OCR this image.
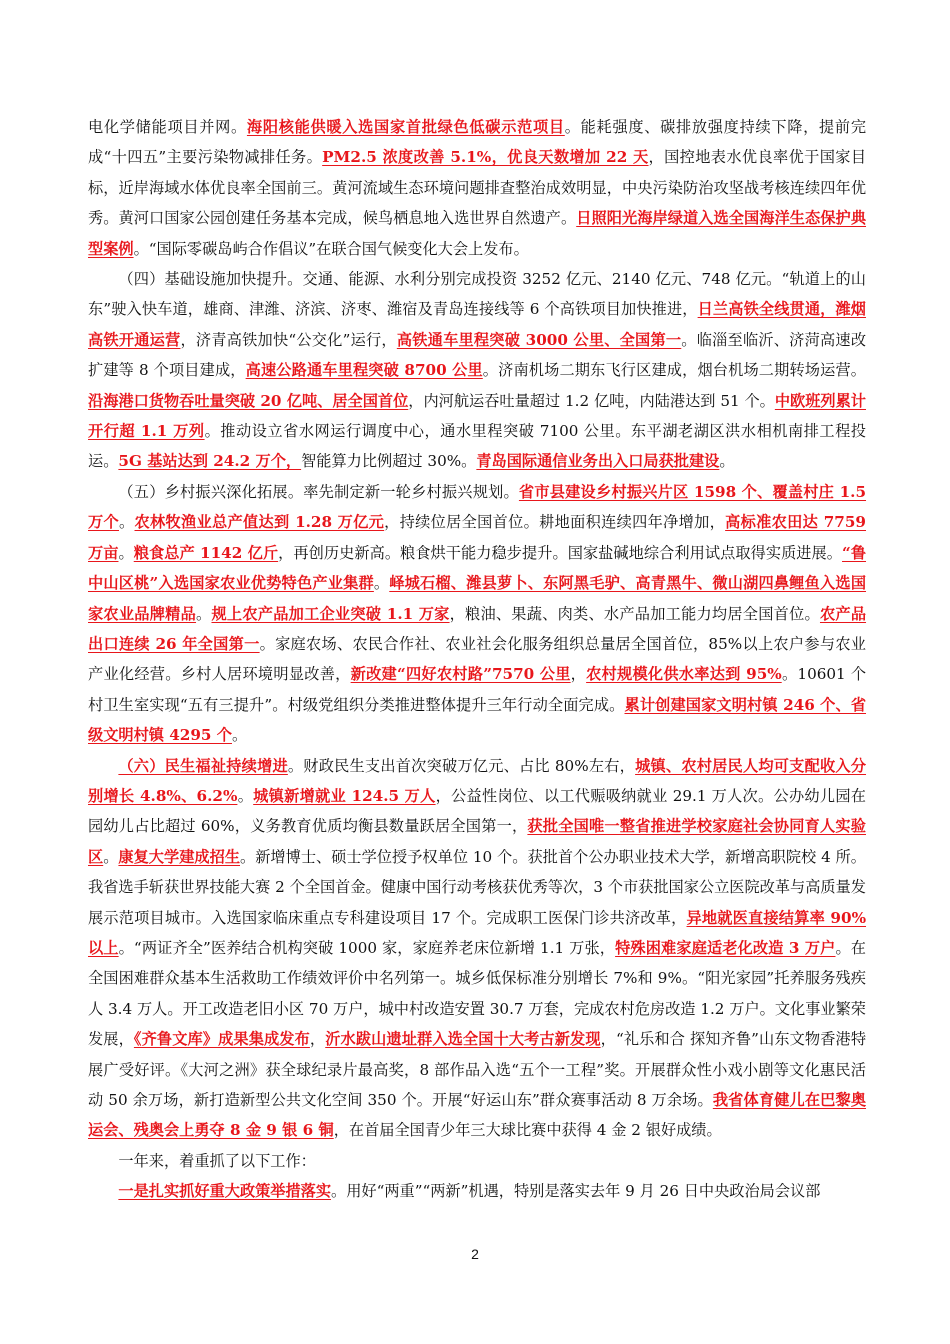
电化学储能项目并网。海阳核能供暖入选国家首批绿色低碳示范项目。能耗强度、碳排放强度持续下降，提前完成“十四五”主要污染物减排任务。PM2.5 浓度改善 5.1%，优良天数增加 22 天，国控地表水优良率优于国家目标，近岸海域水体优良率全国前三。黄河流域生态环境问题排查整治成效明显，中央污染防治攻坚战考核连续四年优秀。黄河口国家公园创建任务基本完成，候鸟栖息地入选世界自然遗产。日照阳光海岸绿道入选全国海洋生态保护典型案例。“国际零碳岛屿合作倡议”在联合国气候变化大会上发布。

（四）基础设施加快提升。交通、能源、水利分别完成投资 3252 亿元、2140 亿元、748 亿元。“轨道上的山东”驶入快车道，雄商、津潍、济滨、济枣、潍宿及青岛连接线等 6 个高铁项目加快推进，日兰高铁全线贯通，潍烟高铁开通运营，济青高铁加快“公交化”运行，高铁通车里程突破 3000 公里、全国第一。临淄至临沂、济菏高速改扩建等 8 个项目建成，高速公路通车里程突破 8700 公里。济南机场二期东飞行区建成，烟台机场二期转场运营。沿海港口货物吞吐量突破 20 亿吨、居全国首位，内河航运吞吐量超过 1.2 亿吨，内陆港达到 51 个。中欧班列累计开行超 1.1 万列。推动设立省水网运行调度中心，通水里程突破 7100 公里。东平湖老湖区洪水相机南排工程投运。5G 基站达到 24.2 万个，智能算力比例超过 30%。青岛国际通信业务出入口局获批建设。

（五）乡村振兴深化拓展。率先制定新一轮乡村振兴规划。省市县建设乡村振兴片区 1598 个、覆盖村庄 1.5 万个。农林牧渔业总产值达到 1.28 万亿元，持续位居全国首位。耕地面积连续四年净增加，高标准农田达 7759 万亩。粮食总产 1142 亿斤，再创历史新高。粮食烘干能力稳步提升。国家盐碱地综合利用试点取得实质进展。“鲁中山区桃”入选国家农业优势特色产业集群。峄城石榴、潍县萝卜、东阿黑毛驴、高青黑牛、微山湖四鼻鲤鱼入选国家农业品牌精品。规上农产品加工企业突破 1.1 万家，粮油、果蔬、肉类、水产品加工能力均居全国首位。农产品出口连续 26 年全国第一。家庭农场、农民合作社、农业社会化服务组织总量居全国首位，85%以上农户参与农业产业化经营。乡村人居环境明显改善，新改建“四好农村路”7570 公里，农村规模化供水率达到 95%。10601 个村卫生室实现“五有三提升”。村级党组织分类推进整体提升三年行动全面完成。累计创建国家文明村镇 246 个、省级文明村镇 4295 个。

（六）民生福祉持续增进。财政民生支出首次突破万亿元、占比 80%左右，城镇、农村居民人均可支配收入分别增长 4.8%、6.2%。城镇新增就业 124.5 万人，公益性岗位、以工代赈吸纳就业 29.1 万人次。公办幼儿园在园幼儿占比超过 60%，义务教育优质均衡县数量跃居全国第一，获批全国唯一整省推进学校家庭社会协同育人实验区。康复大学建成招生。新增博士、硕士学位授予权单位 10 个。获批首个公办职业技术大学，新增高职院校 4 所。我省选手斩获世界技能大赛 2 个全国首金。健康中国行动考核获优秀等次，3 个市获批国家公立医院改革与高质量发展示范项目城市。入选国家临床重点专科建设项目 17 个。完成职工医保门诊共济改革，异地就医直接结算率 90%以上。“两证齐全”医养结合机构突破 1000 家，家庭养老床位新增 1.1 万张，特殊困难家庭适老化改造 3 万户。在全国困难群众基本生活救助工作绩效评价中名列第一。城乡低保标准分别增长 7%和 9%。“阳光家园”托养服务残疾人 3.4 万人。开工改造老旧小区 70 万户，城中村改造安置 30.7 万套，完成农村危房改造 1.2 万户。文化事业繁荣发展，《齐鲁文库》成果集成发布，沂水跋山遗址群入选全国十大考古新发现，“礼乐和合 探知齐鲁”山东文物香港特展广受好评。《大河之洲》获全球纪录片最高奖，8 部作品入选“五个一工程”奖。开展群众性小戏小剧等文化惠民活动 50 余万场，新打造新型公共文化空间 350 个。开展“好运山东”群众赛事活动 8 万余场。我省体育健儿在巴黎奥运会、残奥会上勇夺 8 金 9 银 6 铜，在首届全国青少年三大球比赛中获得 4 金 2 银好成绩。

一年来，着重抓了以下工作：

一是扎实抓好重大政策举措落实。用好“两重”“两新”机遇，特别是落实去年 9 月 26 日中央政治局会议部

2
